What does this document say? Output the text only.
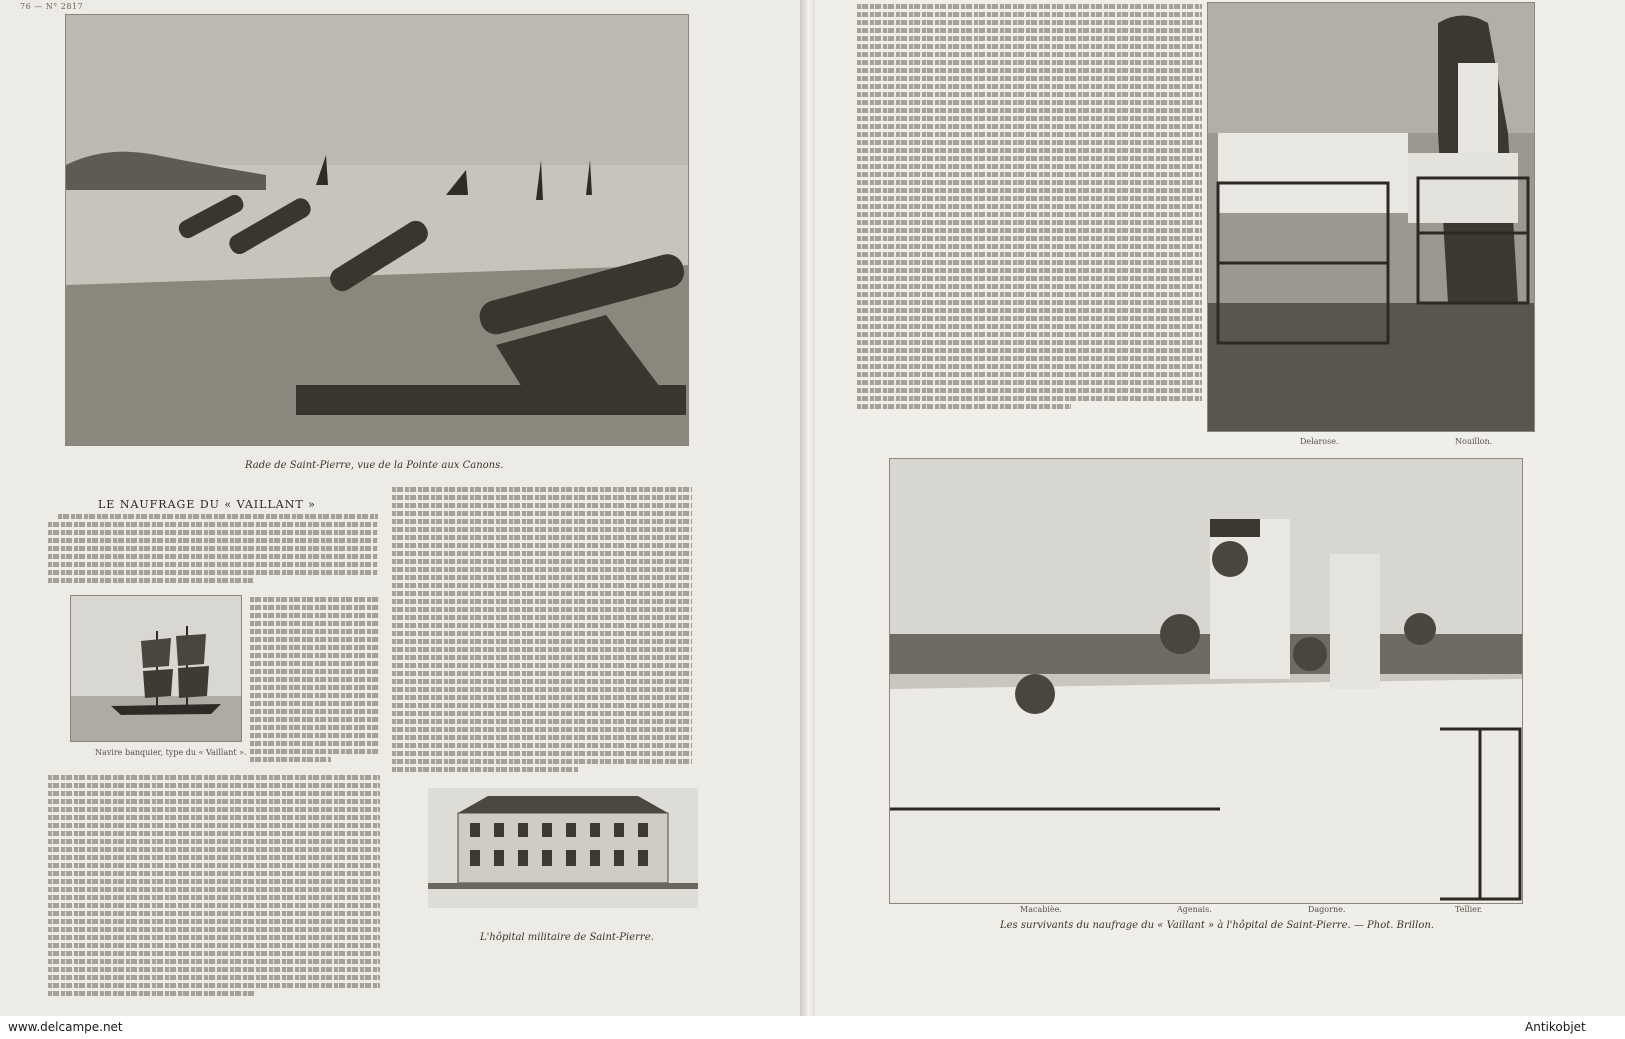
76 — N° 2817
Rade de Saint-Pierre, vue de la Pointe aux Canons.
LE NAUFRAGE DU « VAILLANT »
Navire banquier, type du « Vaillant ».
L'hôpital militaire de Saint-Pierre.
Delarose.	Nouillon.
Macabièe.	Agenais.	Dagorne.	Tellier.
Les survivants du naufrage du « Vaillant » à l'hôpital de Saint-Pierre. — Phot. Brillon.
www.delcampe.net	Antikobjet
